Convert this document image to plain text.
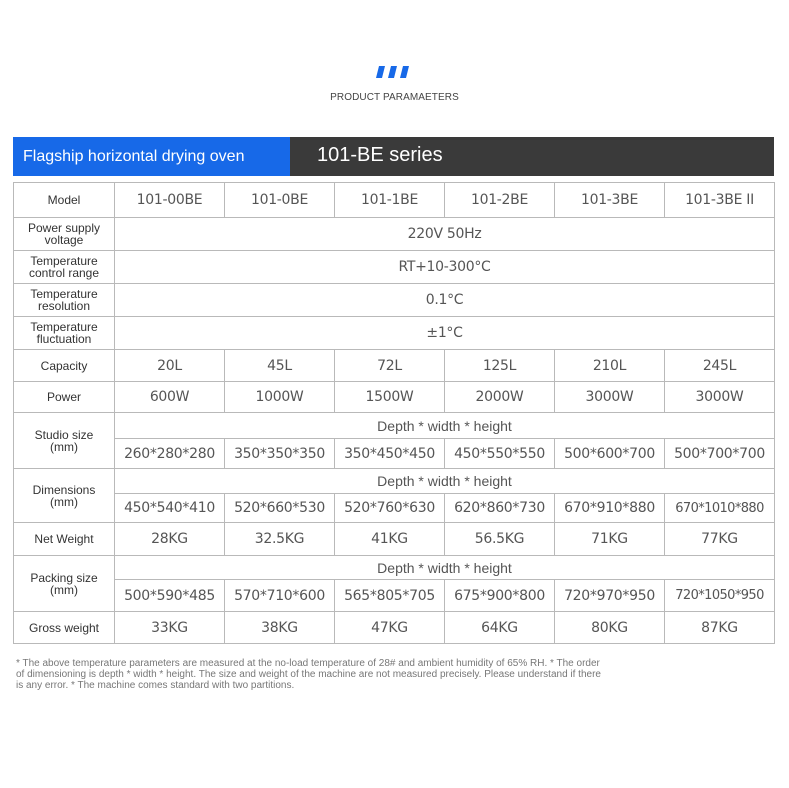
PRODUCT PARAMAETERS
Flagship horizontal drying oven	101-BE series
Model	101-00BE	101-0BE	101-1BE	101-2BE	101-3BE	101-3BE II
Power supply voltage	220V 50Hz					
Temperature control range	RT+10-300°C					
Temperature resolution	0.1°C					
Temperature fluctuation	±1°C					
Capacity	20L	45L	72L	125L	210L	245L
Power	600W	1000W	1500W	2000W	3000W	3000W
Studio size
(mm)	Depth * width * height					
	260*280*280	350*350*350	350*450*450	450*550*550	500*600*700	500*700*700
Dimensions
(mm)	Depth * width * height					
	450*540*410	520*660*530	520*760*630	620*860*730	670*910*880	670*1010*880
Net Weight	28KG	32.5KG	41KG	56.5KG	71KG	77KG
Packing size
(mm)	Depth * width * height					
	500*590*485	570*710*600	565*805*705	675*900*800	720*970*950	720*1050*950
Gross weight	33KG	38KG	47KG	64KG	80KG	87KG
* The above temperature parameters are measured at the no-load temperature of 28# and ambient humidity of 65% RH. * The order of dimensioning is depth * width * height. The size and weight of the machine are not measured precisely. Please understand if there is any error. * The machine comes standard with two partitions.
